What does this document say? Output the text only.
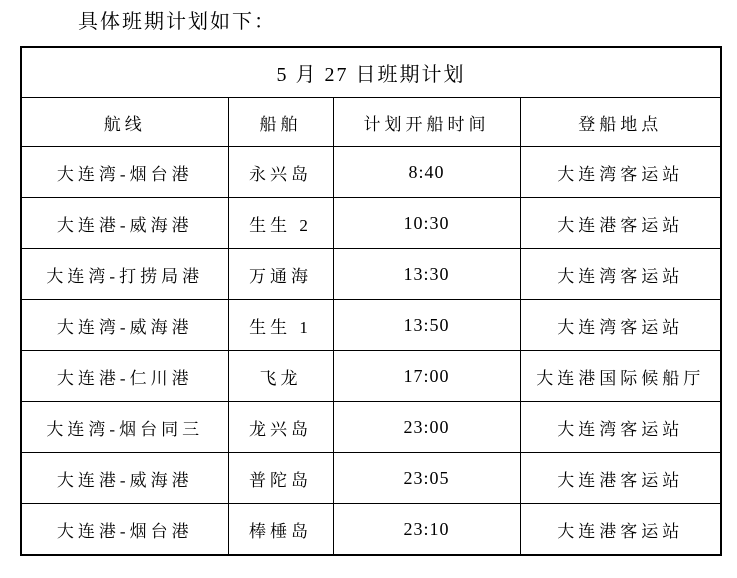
具体班期计划如下：

5 月 27 日班期计划			
航线	船舶	计划开船时间	登船地点
大连湾-烟台港	永兴岛	8:40	大连湾客运站
大连港-威海港	生生 2	10:30	大连港客运站
大连湾-打捞局港	万通海	13:30	大连湾客运站
大连湾-威海港	生生 1	13:50	大连湾客运站
大连港-仁川港	飞龙	17:00	大连港国际候船厅
大连湾-烟台同三	龙兴岛	23:00	大连湾客运站
大连港-威海港	普陀岛	23:05	大连港客运站
大连港-烟台港	棒棰岛	23:10	大连港客运站
